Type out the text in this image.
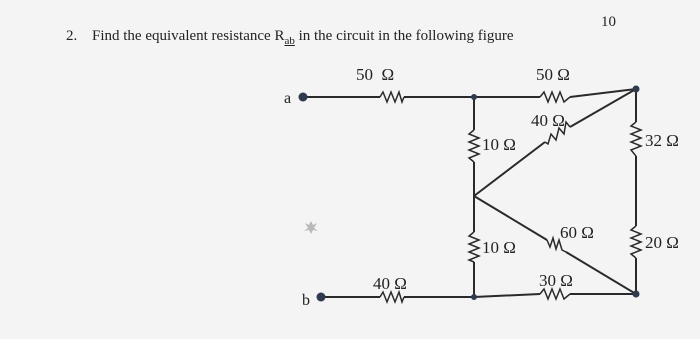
2. Find the equivalent resistance $R_{ab}$ in the circuit in the following figure
10
a
b
50  Ω	50 Ω
40 Ω
32 Ω
10 Ω
10 Ω
60 Ω
20 Ω
40 Ω	30 Ω
